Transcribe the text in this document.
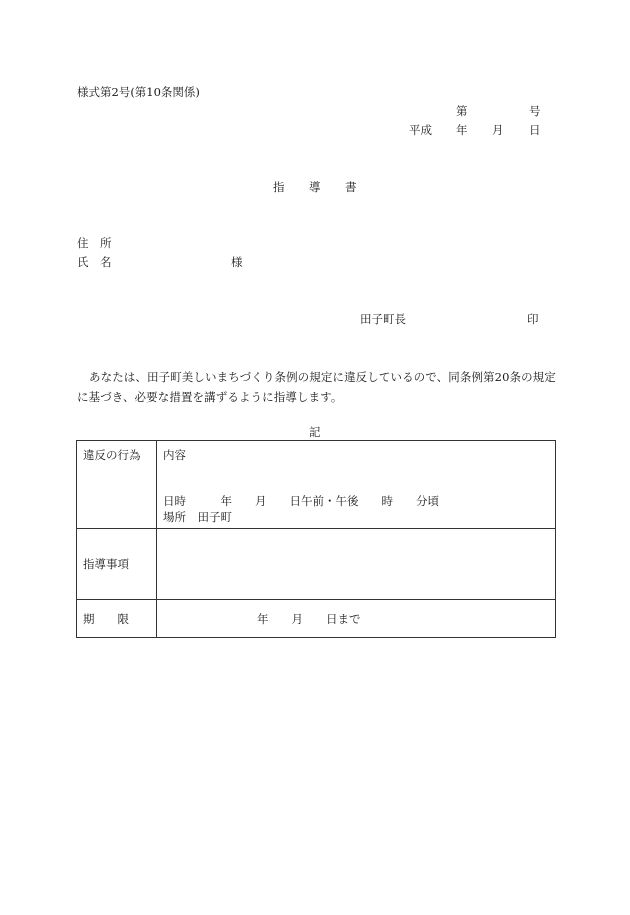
様式第2号(第10条関係)
第	号
平成 年 月 日
指 導 書
住　所
氏　名	様
田子町長	印
あなたは、田子町美しいまちづくり条例の規定に違反しているので、同条例第20条の規定に基づき、必要な措置を講ずるように指導します。
記
違反の行為	内容
日時　　　年　　月　　日午前・午後　　時　　分頃
場所　田子町

指導事項	

期　　限	年　　月　　日まで
